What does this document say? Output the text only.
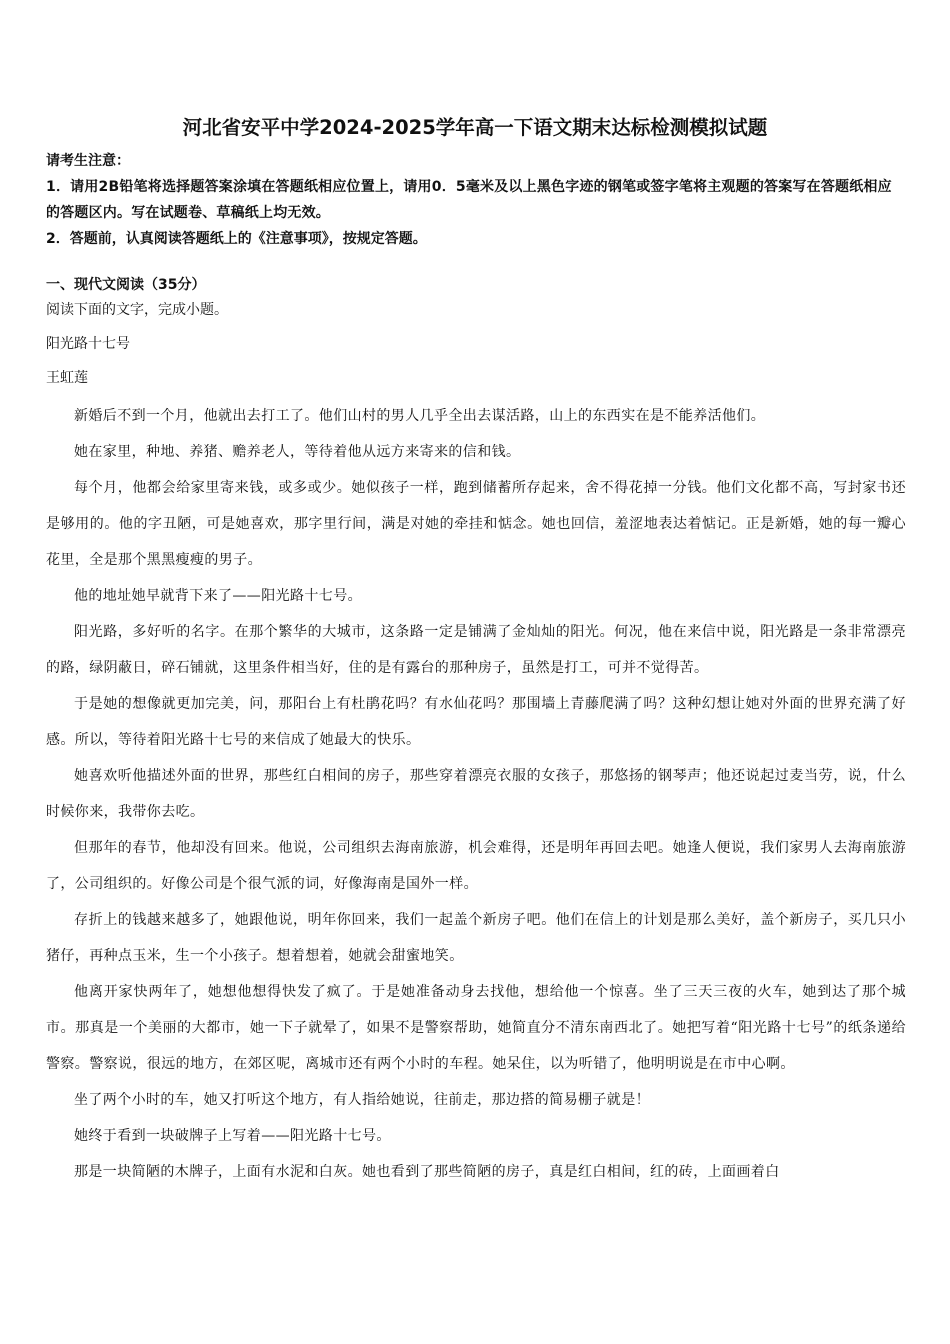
河北省安平中学2024-2025学年高一下语文期末达标检测模拟试题
请考生注意：
1．请用2B铅笔将选择题答案涂填在答题纸相应位置上，请用0．5毫米及以上黑色字迹的钢笔或签字笔将主观题的答案写在答题纸相应的答题区内。写在试题卷、草稿纸上均无效。
2．答题前，认真阅读答题纸上的《注意事项》，按规定答题。
一、现代文阅读（35分）
阅读下面的文字，完成小题。
阳光路十七号
王虹莲

新婚后不到一个月，他就出去打工了。他们山村的男人几乎全出去谋活路，山上的东西实在是不能养活他们。

她在家里，种地、养猪、赡养老人，等待着他从远方来寄来的信和钱。

每个月，他都会给家里寄来钱，或多或少。她似孩子一样，跑到储蓄所存起来，舍不得花掉一分钱。他们文化都不高，写封家书还是够用的。他的字丑陋，可是她喜欢，那字里行间，满是对她的牵挂和惦念。她也回信，羞涩地表达着惦记。正是新婚，她的每一瓣心花里，全是那个黑黑瘦瘦的男子。

他的地址她早就背下来了——阳光路十七号。

阳光路，多好听的名字。在那个繁华的大城市，这条路一定是铺满了金灿灿的阳光。何况，他在来信中说，阳光路是一条非常漂亮的路，绿阴蔽日，碎石铺就，这里条件相当好，住的是有露台的那种房子，虽然是打工，可并不觉得苦。

于是她的想像就更加完美，问，那阳台上有杜鹃花吗？有水仙花吗？那围墙上青藤爬满了吗？这种幻想让她对外面的世界充满了好感。所以，等待着阳光路十七号的来信成了她最大的快乐。

她喜欢听他描述外面的世界，那些红白相间的房子，那些穿着漂亮衣服的女孩子，那悠扬的钢琴声；他还说起过麦当劳，说，什么时候你来，我带你去吃。

但那年的春节，他却没有回来。他说，公司组织去海南旅游，机会难得，还是明年再回去吧。她逢人便说，我们家男人去海南旅游了，公司组织的。好像公司是个很气派的词，好像海南是国外一样。

存折上的钱越来越多了，她跟他说，明年你回来，我们一起盖个新房子吧。他们在信上的计划是那么美好，盖个新房子，买几只小猪仔，再种点玉米，生一个小孩子。想着想着，她就会甜蜜地笑。

他离开家快两年了，她想他想得快发了疯了。于是她准备动身去找他，想给他一个惊喜。坐了三天三夜的火车，她到达了那个城市。那真是一个美丽的大都市，她一下子就晕了，如果不是警察帮助，她简直分不清东南西北了。她把写着“阳光路十七号”的纸条递给警察。警察说，很远的地方，在郊区呢，离城市还有两个小时的车程。她呆住，以为听错了，他明明说是在市中心啊。

坐了两个小时的车，她又打听这个地方，有人指给她说，往前走，那边搭的简易棚子就是！

她终于看到一块破牌子上写着——阳光路十七号。

那是一块简陋的木牌子，上面有水泥和白灰。她也看到了那些简陋的房子，真是红白相间，红的砖，上面画着白
